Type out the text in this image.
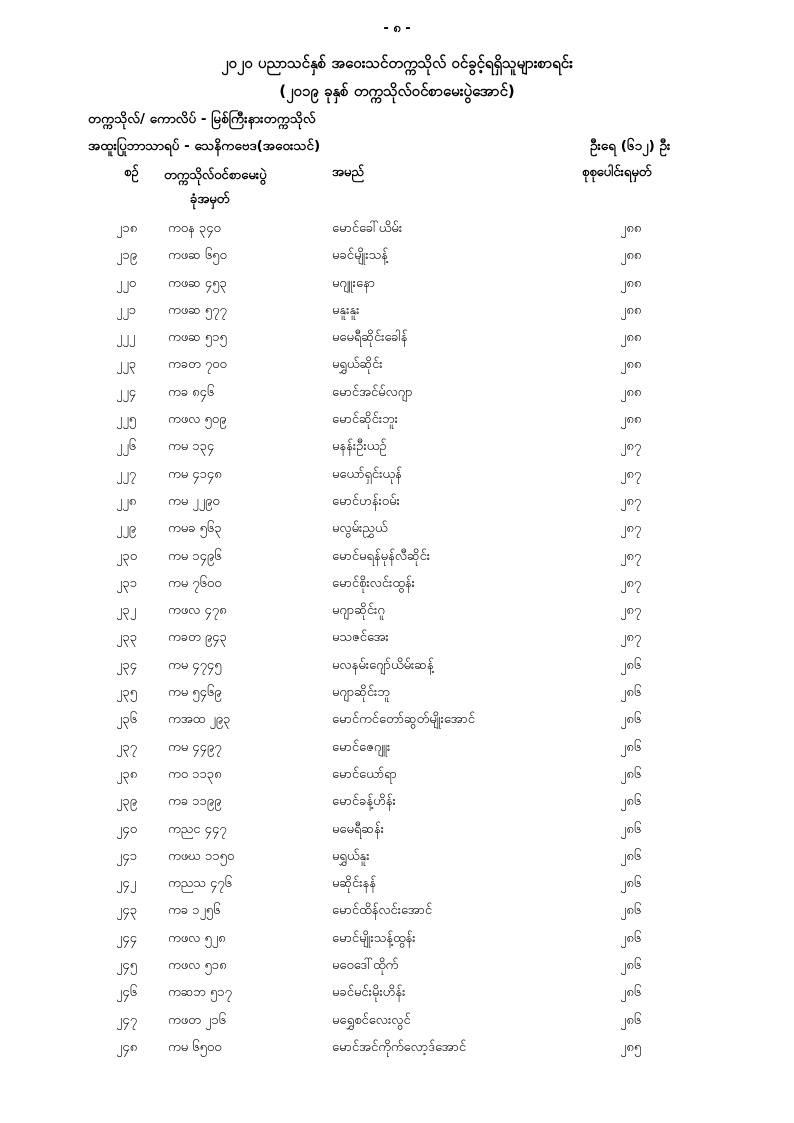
- ၈ -
၂၀၂၀ ပညာသင်နှစ် အဝေးသင်တက္ကသိုလ် ဝင်ခွင့်ရရှိသူများစာရင်း
(၂၀၁၉ ခုနှစ် တက္ကသိုလ်ဝင်စာမေးပွဲအောင်)
တက္ကသိုလ်/ ကောလိပ် - မြစ်ကြီးနားတက္ကသိုလ်
အထူးပြုဘာသာရပ် - သေနိကဗေဒ(အဝေးသင်)	ဦးရေ (၆၁၂) ဦး
စဉ် တက္ကသိုလ်ဝင်စာမေးပွဲ
ခုံအမှတ်
အမည်	စုစုပေါင်းရမှတ်
၂၁၈ ကဝန ၃၄၀	မောင်ခေါ်ယိမ်း	၂၈၈
၂၁၉ ကဖဆ ၆၅၀	မခင်မျိုးသန့်	၂၈၈
၂၂၀ ကဖဆ ၄၅၃	မဂျူးနော	၂၈၈
၂၂၁ ကဖဆ ၅၇၇	မနူးနူး	၂၈၈
၂၂၂	ကဖဆ ၅၁၅	မမေရီဆိုင်းခေါန်	၂၈၈
၂၂၃ ကခတ ၇၀၀	မရွှယ်ဆိုင်း	၂၈၈
၂၂၄ ကခ ၈၄၆	မောင်အင်မ်လဂျာ	၂၈၈
၂၂၅ ကဖလ ၅၀၉	မောင်ဆိုင်းဘူး	၂၈၈
၂၂၆ ကမ ၁၃၄	မနန်းဦးယဉ်	၂၈၇
၂၂၇ ကမ ၄၁၄၈	မယော်ရှင်းယုန်	၂၈၇
၂၂၈ ကမ ၂၂၉၀	မောင်ဟန်းဝမ်း	၂၈၇
၂၂၉ ကမခ ၅၆၃	မလွမ်းညွှယ်	၂၈၇
၂၃၀ ကမ ၁၄၉၆	မောင်မရန်မုန်လီဆိုင်း	၂၈၇
၂၃၁ ကမ ၇၆၀၀	မောင်စိုးလင်းထွန်း	၂၈၇
၂၃၂ ကဖလ ၄၇၈	မဂျာဆိုင်းဂူ	၂၈၇
၂၃၃ ကခတ ၉၄၃	မသဇင်အေး	၂၈၇
၂၃၄ ကမ ၄၇၄၅	မလနမ်းဂျော်ယိမ်းဆန့်	၂၈၆
၂၃၅ ကမ ၅၄၆၉	မဂျာဆိုင်းဘူ	၂၈၆
၂၃၆ ကအထ ၂၉၃	မောင်ကင်တော်ဆွတ်မျိုးအောင်	၂၈၆
၂၃၇ ကမ ၄၄၉၇	မောင်ဇေဂျူး	၂၈၆
၂၃၈ ကဝ ၁၁၃၈	မောင်ယော်ရာ	၂၈၆
၂၃၉ ကခ ၁၁၉၉	မောင်ခန့်ဟိန်း	၂၈၆
၂၄၀ ကညင ၄၄၇	မမေရီဆန်း	၂၈၆
၂၄၁ ကဖဃ ၁၁၅၀	မရွှယ်နူး	၂၈၆
၂၄၂ ကညသ ၄၇၆	မဆိုင်းနန်	၂၈၆
၂၄၃ ကခ ၁၂၅၆	မောင်ထိန်လင်းအောင်	၂၈၆
၂၄၄ ကဖလ ၅၂၈	မောင်မျိုးသန့်ထွန်း	၂၈၆
၂၄၅ ကဖလ ၅၁၈	မဝေဒေါ်ထိုက်	၂၈၆
၂၄၆ ကဆဘ ၅၁၇	မခင်မင်းမိုးဟိန်း	၂၈၆
၂၄၇ ကဖတ ၂၁၆	မရွှေစင်လေးလွင်	၂၈၆
၂၄၈ ကမ ၆၅၀၀	မောင်အင်ကိုက်လော့ဒ်အောင်	၂၈၅
